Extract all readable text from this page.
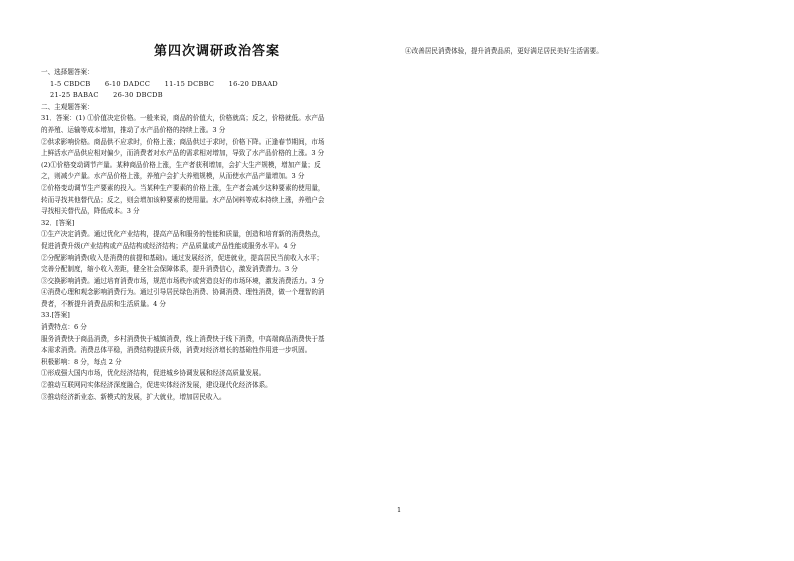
第四次调研政治答案
一、选择题答案：
1-5 CBDCB 6-10 DADCC 11-15 DCBBC 16-20 DBAAD
21-25 BABAC 26-30 DBCDB
二、主观题答案：
31．答案：(1) ①价值决定价格。一般来说，商品的价值大，价格就高；反之，价格就低。水产品
的养殖、运输等成本增加，推动了水产品价格的持续上涨。3 分
②供求影响价格。商品供不应求时，价格上涨；商品供过于求时，价格下降。正逢春节期间，市场
上鲜活水产品供应相对偏少，而消费者对水产品的需求相对增加，导致了水产品价格的上涨。3 分
(2)①价格变动调节产量。某种商品价格上涨，生产者获利增加，会扩大生产规模，增加产量；反
之，则减少产量。水产品价格上涨，养殖户会扩大养殖规模，从而使水产品产量增加。3 分
②价格变动调节生产要素的投入。当某种生产要素的价格上涨，生产者会减少这种要素的使用量，
转而寻找其他替代品；反之，则会增加该种要素的使用量。水产品饲料等成本持续上涨，养殖户会
寻找相关替代品，降低成本。3 分
32．[答案]
①生产决定消费。通过优化产业结构，提高产品和服务的性能和质量，创造和培育新的消费热点，
促进消费升级(产业结构或产品结构或经济结构；产品质量或产品性能或服务水平)。4 分
②分配影响消费(收入是消费的前提和基础)。通过发展经济，促进就业，提高居民当前收入水平；
完善分配制度，缩小收入差距，健全社会保障体系，提升消费信心，激发消费潜力。3 分
③交换影响消费。通过培育消费市场，规范市场秩序或营造良好的市场环境，激发消费活力。3 分
④消费心理和观念影响消费行为。通过引导居民绿色消费、协调消费、理性消费，做一个理智的消
费者，不断提升消费品质和生活质量。4 分
33.[答案]
消费特点：6 分
服务消费快于商品消费，乡村消费快于城镇消费，线上消费快于线下消费，中高端商品消费快于基
本需求消费。消费总体平稳，消费结构提质升级，消费对经济增长的基础性作用进一步巩固。
积极影响：8 分，每点 2 分
①形成强大国内市场，优化经济结构，促进城乡协调发展和经济高质量发展。
②推动互联网同实体经济深度融合，促进实体经济发展，建设现代化经济体系。
③推动经济新业态、新模式的发展，扩大就业，增加居民收入。
④改善居民消费体验，提升消费品质，更好满足居民美好生活需要。
1
